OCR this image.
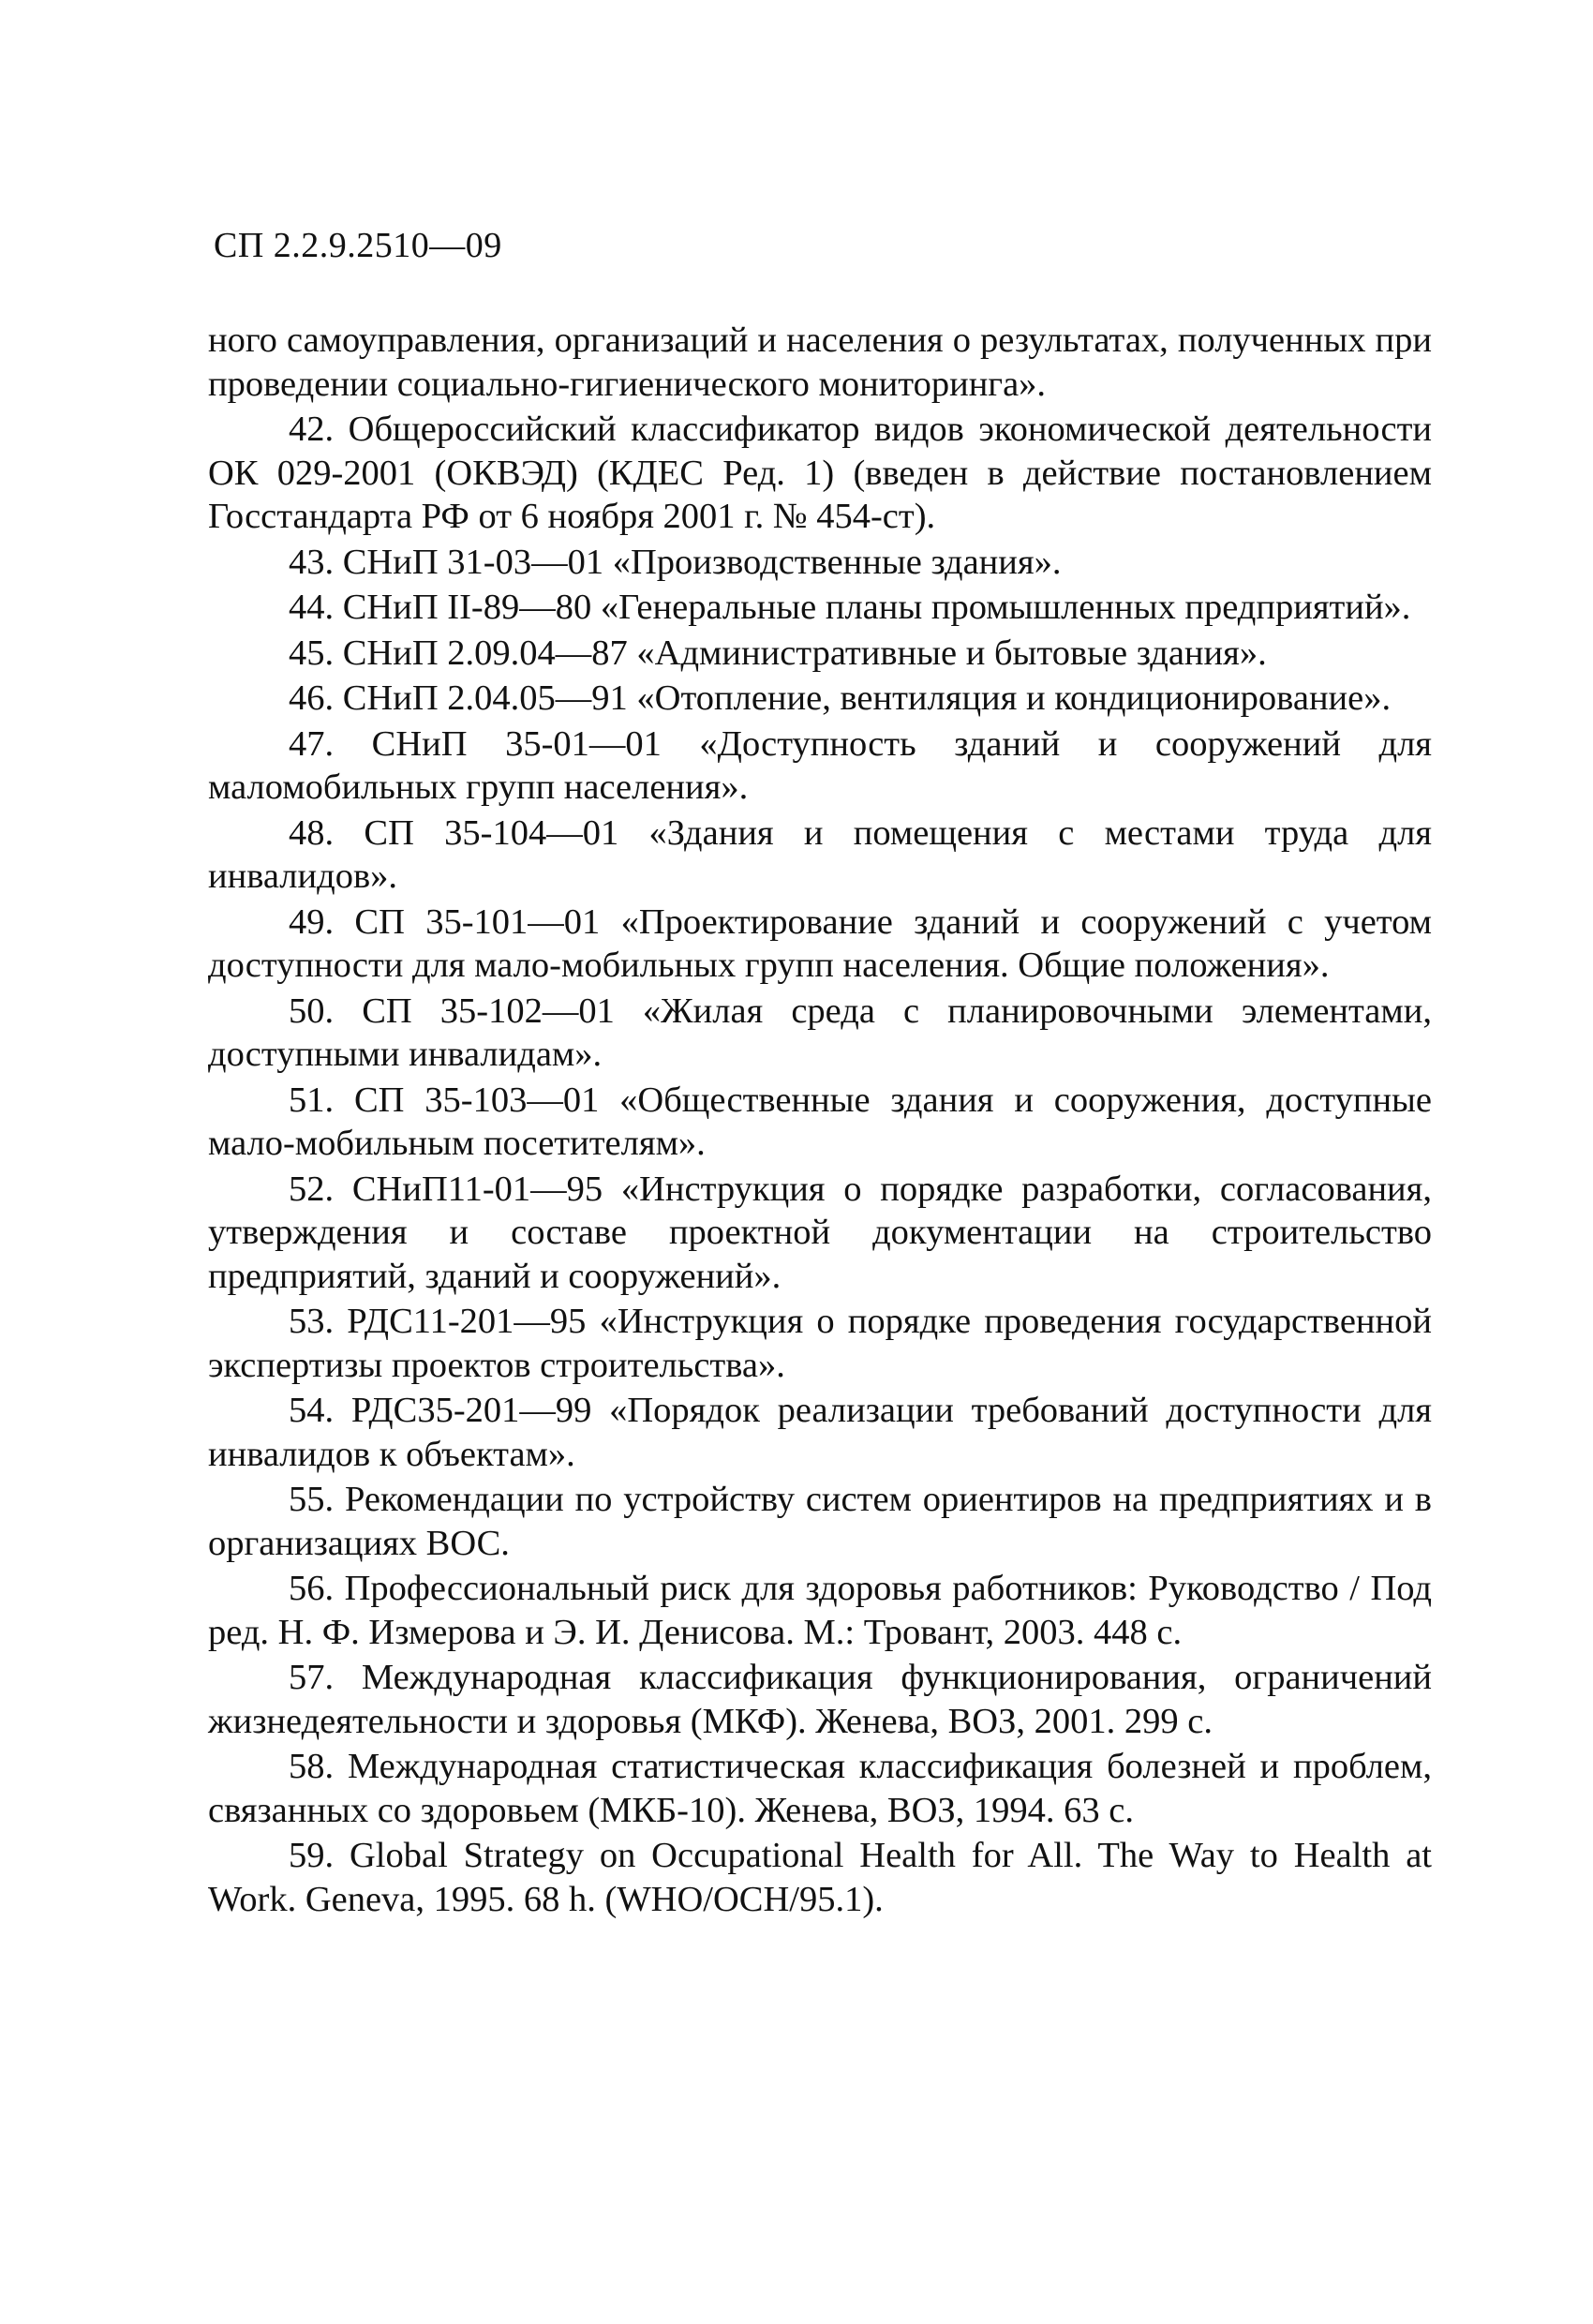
СП 2.2.9.2510—09

ного самоуправления, организаций и населения о результатах, полученных при проведении социально-гигиенического мониторинга».

42. Общероссийский классификатор видов экономической деятельности ОК 029-2001 (ОКВЭД) (КДЕС Ред. 1) (введен в действие постановлением Госстандарта РФ от 6 ноября 2001 г. № 454-ст).

43. СНиП 31-03—01 «Производственные здания».

44. СНиП II-89—80 «Генеральные планы промышленных предприятий».

45. СНиП 2.09.04—87 «Административные и бытовые здания».

46. СНиП 2.04.05—91 «Отопление, вентиляция и кондиционирование».

47. СНиП 35-01—01 «Доступность зданий и сооружений для маломобильных групп населения».

48. СП 35-104—01 «Здания и помещения с местами труда для инвалидов».

49. СП 35-101—01 «Проектирование зданий и сооружений с учетом доступности для мало-мобильных групп населения. Общие положения».

50. СП 35-102—01 «Жилая среда с планировочными элементами, доступными инвалидам».

51. СП 35-103—01 «Общественные здания и сооружения, доступные мало-мобильным посетителям».

52. СНиП11-01—95 «Инструкция о порядке разработки, согласования, утверждения и составе проектной документации на строительство предприятий, зданий и сооружений».

53. РДС11-201—95 «Инструкция о порядке проведения государственной экспертизы проектов строительства».

54. РДС35-201—99 «Порядок реализации требований доступности для инвалидов к объектам».

55. Рекомендации по устройству систем ориентиров на предприятиях и в организациях ВОС.

56. Профессиональный риск для здоровья работников: Руководство / Под ред. Н. Ф. Измерова и Э. И. Денисова. М.: Тровант, 2003. 448 с.

57. Международная классификация функционирования, ограничений жизнедеятельности и здоровья (МКФ). Женева, ВОЗ, 2001. 299 с.

58. Международная статистическая классификация болезней и проблем, связанных со здоровьем (МКБ-10). Женева, ВОЗ, 1994. 63 с.

59. Global Strategy on Occupational Health for All. The Way to Health at Work. Geneva, 1995. 68 h. (WHO/OCH/95.1).
